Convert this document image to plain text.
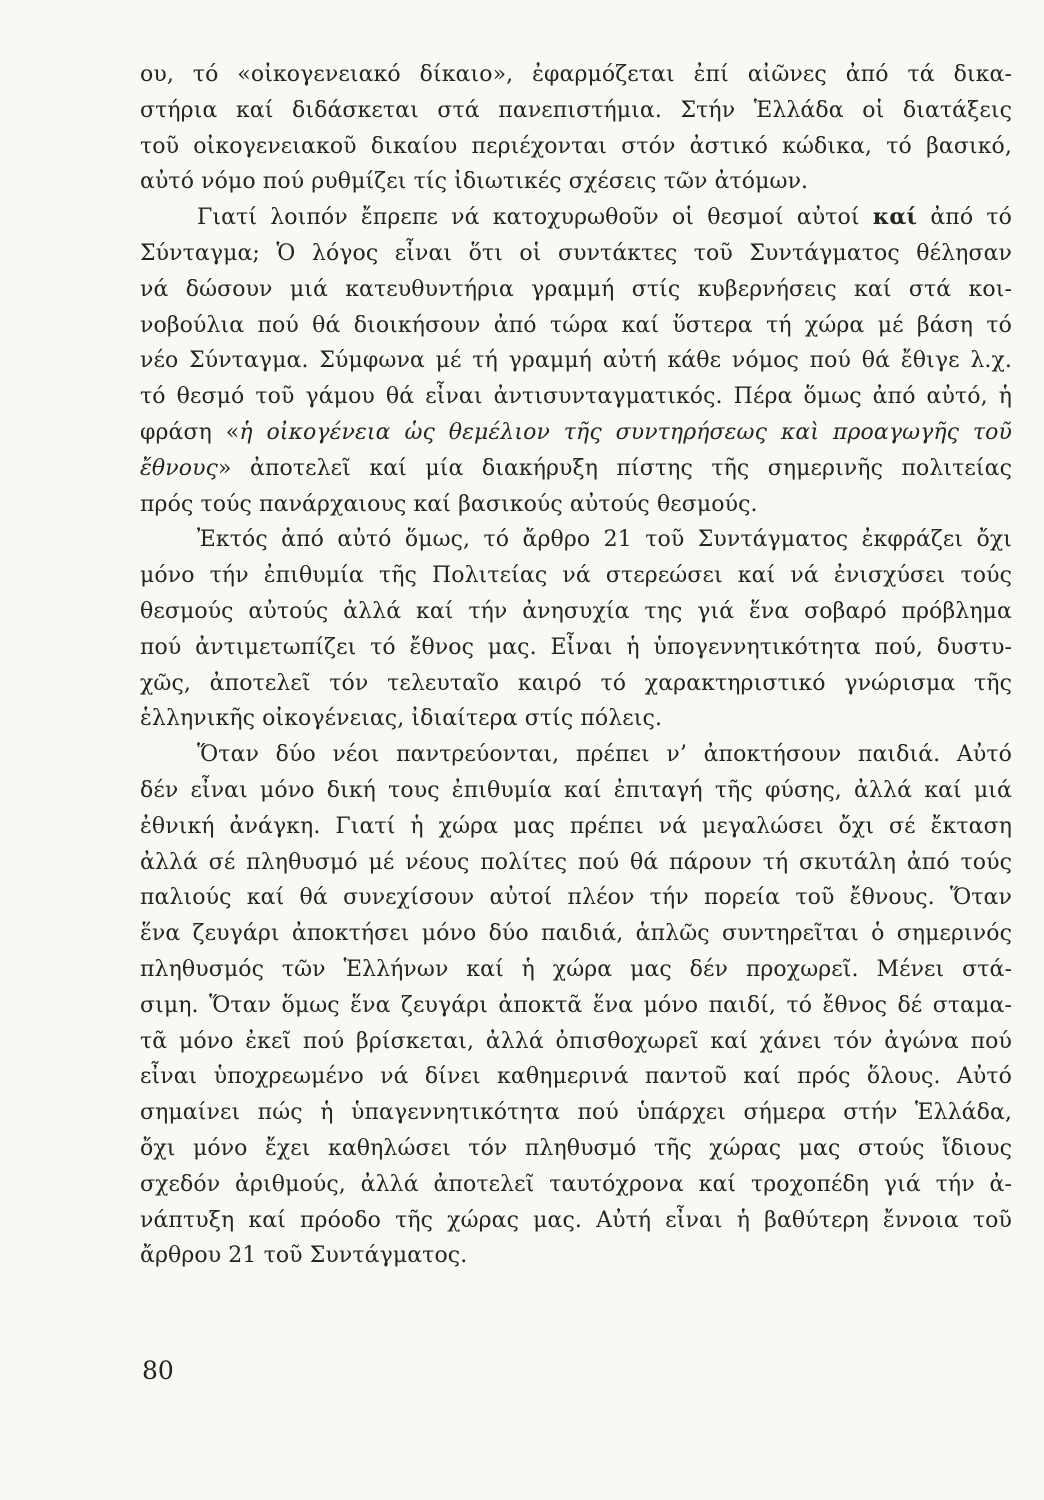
ου, τό «οἰκογενειακό δίκαιο», ἐφαρμόζεται ἐπί αἰῶνες ἀπό τά δικα-
στήρια καί διδάσκεται στά πανεπιστήμια. Στήν Ἑλλάδα οἱ διατάξεις
τοῦ οἰκογενειακοῦ δικαίου περιέχονται στόν ἀστικό κώδικα, τό βασικό,
αὐτό νόμο πού ρυθμίζει τίς ἰδιωτικές σχέσεις τῶν ἀτόμων.
Γιατί λοιπόν ἔπρεπε νά κατοχυρωθοῦν οἱ θεσμοί αὐτοί καί ἀπό τό
Σύνταγμα; Ὁ λόγος εἶναι ὅτι οἱ συντάκτες τοῦ Συντάγματος θέλησαν
νά δώσουν μιά κατευθυντήρια γραμμή στίς κυβερνήσεις καί στά κοι-
νοβούλια πού θά διοικήσουν ἀπό τώρα καί ὕστερα τή χώρα μέ βάση τό
νέο Σύνταγμα. Σύμφωνα μέ τή γραμμή αὐτή κάθε νόμος πού θά ἔθιγε λ.χ.
τό θεσμό τοῦ γάμου θά εἶναι ἀντισυνταγματικός. Πέρα ὅμως ἀπό αὐτό, ἡ
φράση «ἡ οἰκογένεια ὡς θεμέλιον τῆς συντηρήσεως καὶ προαγωγῆς τοῦ
ἔθνους» ἀποτελεῖ καί μία διακήρυξη πίστης τῆς σημερινῆς πολιτείας
πρός τούς πανάρχαιους καί βασικούς αὐτούς θεσμούς.
Ἐκτός ἀπό αὐτό ὅμως, τό ἄρθρο 21 τοῦ Συντάγματος ἐκφράζει ὄχι
μόνο τήν ἐπιθυμία τῆς Πολιτείας νά στερεώσει καί νά ἐνισχύσει τούς
θεσμούς αὐτούς ἀλλά καί τήν ἀνησυχία της γιά ἕνα σοβαρό πρόβλημα
πού ἀντιμετωπίζει τό ἔθνος μας. Εἶναι ἡ ὑπογεννητικότητα πού, δυστυ-
χῶς, ἀποτελεῖ τόν τελευταῖο καιρό τό χαρακτηριστικό γνώρισμα τῆς
ἑλληνικῆς οἰκογένειας, ἰδιαίτερα στίς πόλεις.
Ὅταν δύο νέοι παντρεύονται, πρέπει ν’ ἀποκτήσουν παιδιά. Αὐτό
δέν εἶναι μόνο δική τους ἐπιθυμία καί ἐπιταγή τῆς φύσης, ἀλλά καί μιά
ἐθνική ἀνάγκη. Γιατί ἡ χώρα μας πρέπει νά μεγαλώσει ὄχι σέ ἔκταση
ἀλλά σέ πληθυσμό μέ νέους πολίτες πού θά πάρουν τή σκυτάλη ἀπό τούς
παλιούς καί θά συνεχίσουν αὐτοί πλέον τήν πορεία τοῦ ἔθνους. Ὅταν
ἕνα ζευγάρι ἀποκτήσει μόνο δύο παιδιά, ἁπλῶς συντηρεῖται ὁ σημερινός
πληθυσμός τῶν Ἑλλήνων καί ἡ χώρα μας δέν προχωρεῖ. Μένει στά-
σιμη. Ὅταν ὅμως ἕνα ζευγάρι ἀποκτᾶ ἕνα μόνο παιδί, τό ἔθνος δέ σταμα-
τᾶ μόνο ἐκεῖ πού βρίσκεται, ἀλλά ὀπισθοχωρεῖ καί χάνει τόν ἀγώνα πού
εἶναι ὑποχρεωμένο νά δίνει καθημερινά παντοῦ καί πρός ὅλους. Αὐτό
σημαίνει πώς ἡ ὑπαγεννητικότητα πού ὑπάρχει σήμερα στήν Ἑλλάδα,
ὄχι μόνο ἔχει καθηλώσει τόν πληθυσμό τῆς χώρας μας στούς ἴδιους
σχεδόν ἀριθμούς, ἀλλά ἀποτελεῖ ταυτόχρονα καί τροχοπέδη γιά τήν ἀ-
νάπτυξη καί πρόοδο τῆς χώρας μας. Αὐτή εἶναι ἡ βαθύτερη ἔννοια τοῦ
ἄρθρου 21 τοῦ Συντάγματος.
80
